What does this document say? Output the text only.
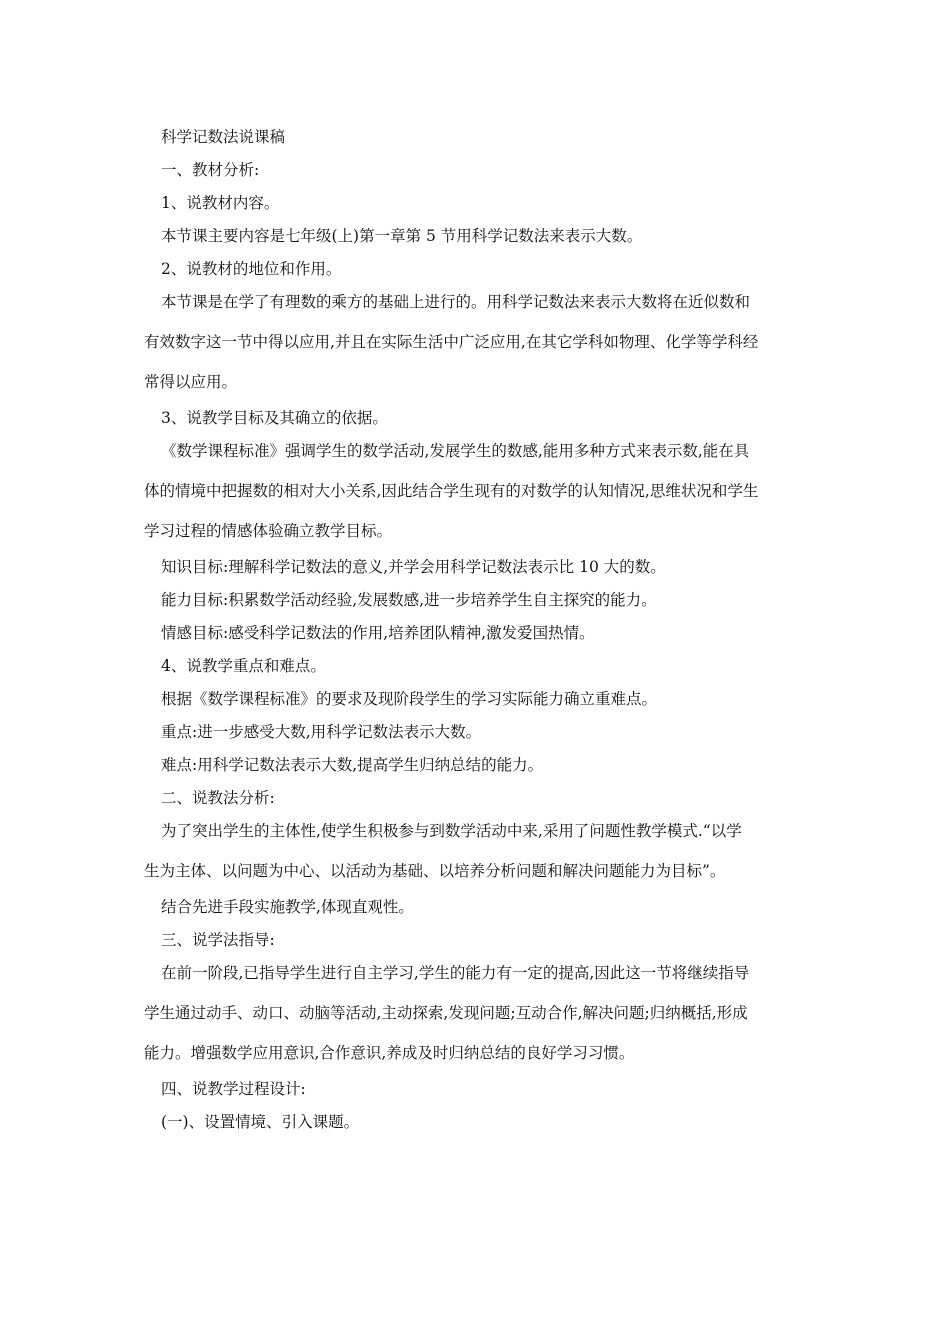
科学记数法说课稿

一、教材分析:

1、说教材内容。

本节课主要内容是七年级(上)第一章第 5 节用科学记数法来表示大数。

2、说教材的地位和作用。

本节课是在学了有理数的乘方的基础上进行的。用科学记数法来表示大数将在近似数和
有效数字这一节中得以应用,并且在实际生活中广泛应用,在其它学科如物理、化学等学科经
常得以应用。

3、说教学目标及其确立的依据。

《数学课程标准》强调学生的数学活动,发展学生的数感,能用多种方式来表示数,能在具
体的情境中把握数的相对大小关系,因此结合学生现有的对数学的认知情况,思维状况和学生
学习过程的情感体验确立教学目标。

知识目标:理解科学记数法的意义,并学会用科学记数法表示比 10 大的数。

能力目标:积累数学活动经验,发展数感,进一步培养学生自主探究的能力。

情感目标:感受科学记数法的作用,培养团队精神,激发爱国热情。

4、说教学重点和难点。

根据《数学课程标准》的要求及现阶段学生的学习实际能力确立重难点。

重点:进一步感受大数,用科学记数法表示大数。

难点:用科学记数法表示大数,提高学生归纳总结的能力。

二、说教法分析:

为了突出学生的主体性,使学生积极参与到数学活动中来,采用了问题性教学模式.“以学
生为主体、以问题为中心、以活动为基础、以培养分析问题和解决问题能力为目标”。

结合先进手段实施教学,体现直观性。

三、说学法指导:

在前一阶段,已指导学生进行自主学习,学生的能力有一定的提高,因此这一节将继续指导
学生通过动手、动口、动脑等活动,主动探索,发现问题;互动合作,解决问题;归纳概括,形成
能力。增强数学应用意识,合作意识,养成及时归纳总结的良好学习习惯。

四、说教学过程设计:

(一)、设置情境、引入课题。
